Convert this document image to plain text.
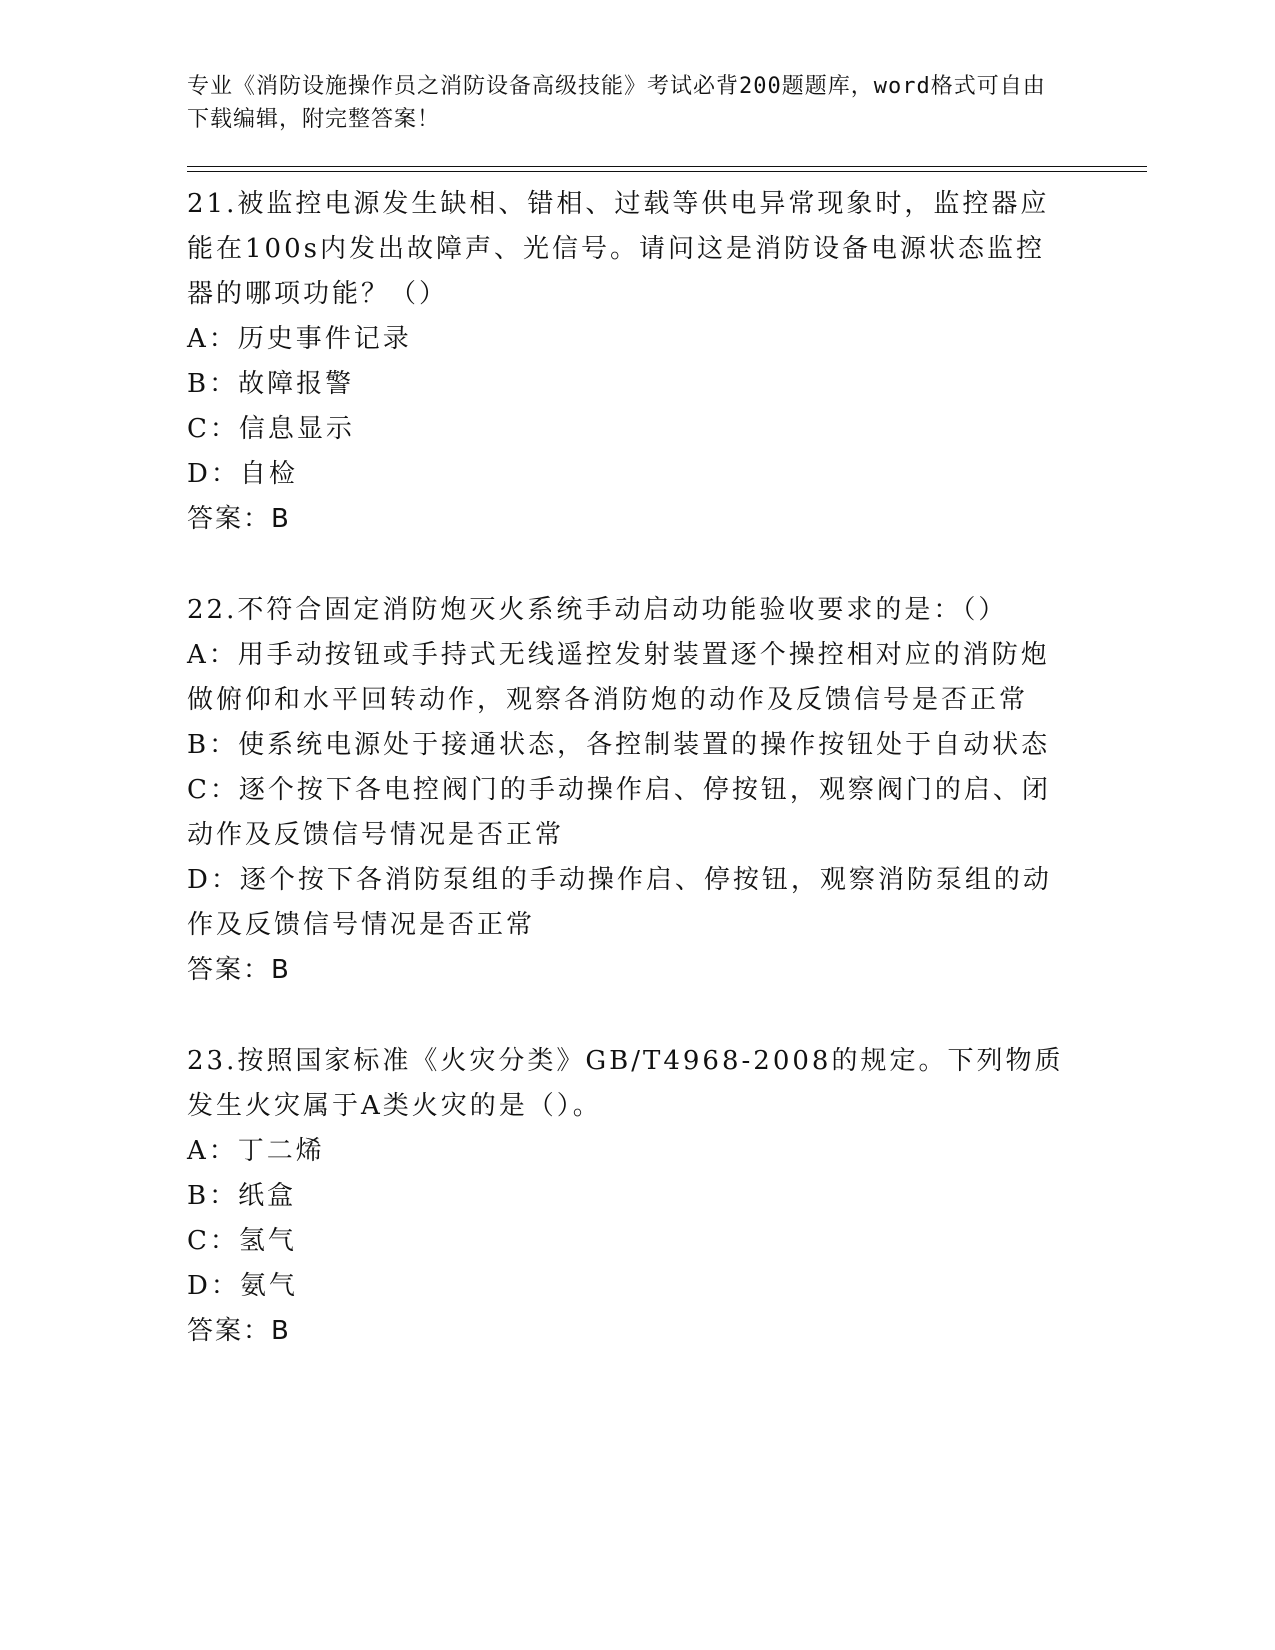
专业《消防设施操作员之消防设备高级技能》考试必背200题题库，word格式可自由下载编辑，附完整答案！

21.被监控电源发生缺相、错相、过载等供电异常现象时，监控器应能在100s内发出故障声、光信号。请问这是消防设备电源状态监控器的哪项功能？（）

A：历史事件记录

B：故障报警

C：信息显示

D：自检

答案：B

22.不符合固定消防炮灭火系统手动启动功能验收要求的是：（）

A：用手动按钮或手持式无线遥控发射装置逐个操控相对应的消防炮做俯仰和水平回转动作，观察各消防炮的动作及反馈信号是否正常

B：使系统电源处于接通状态，各控制装置的操作按钮处于自动状态

C：逐个按下各电控阀门的手动操作启、停按钮，观察阀门的启、闭动作及反馈信号情况是否正常

D：逐个按下各消防泵组的手动操作启、停按钮，观察消防泵组的动作及反馈信号情况是否正常

答案：B

23.按照国家标准《火灾分类》GB/T4968-2008的规定。下列物质发生火灾属于A类火灾的是（）。

A：丁二烯

B：纸盒

C：氢气

D：氨气

答案：B
